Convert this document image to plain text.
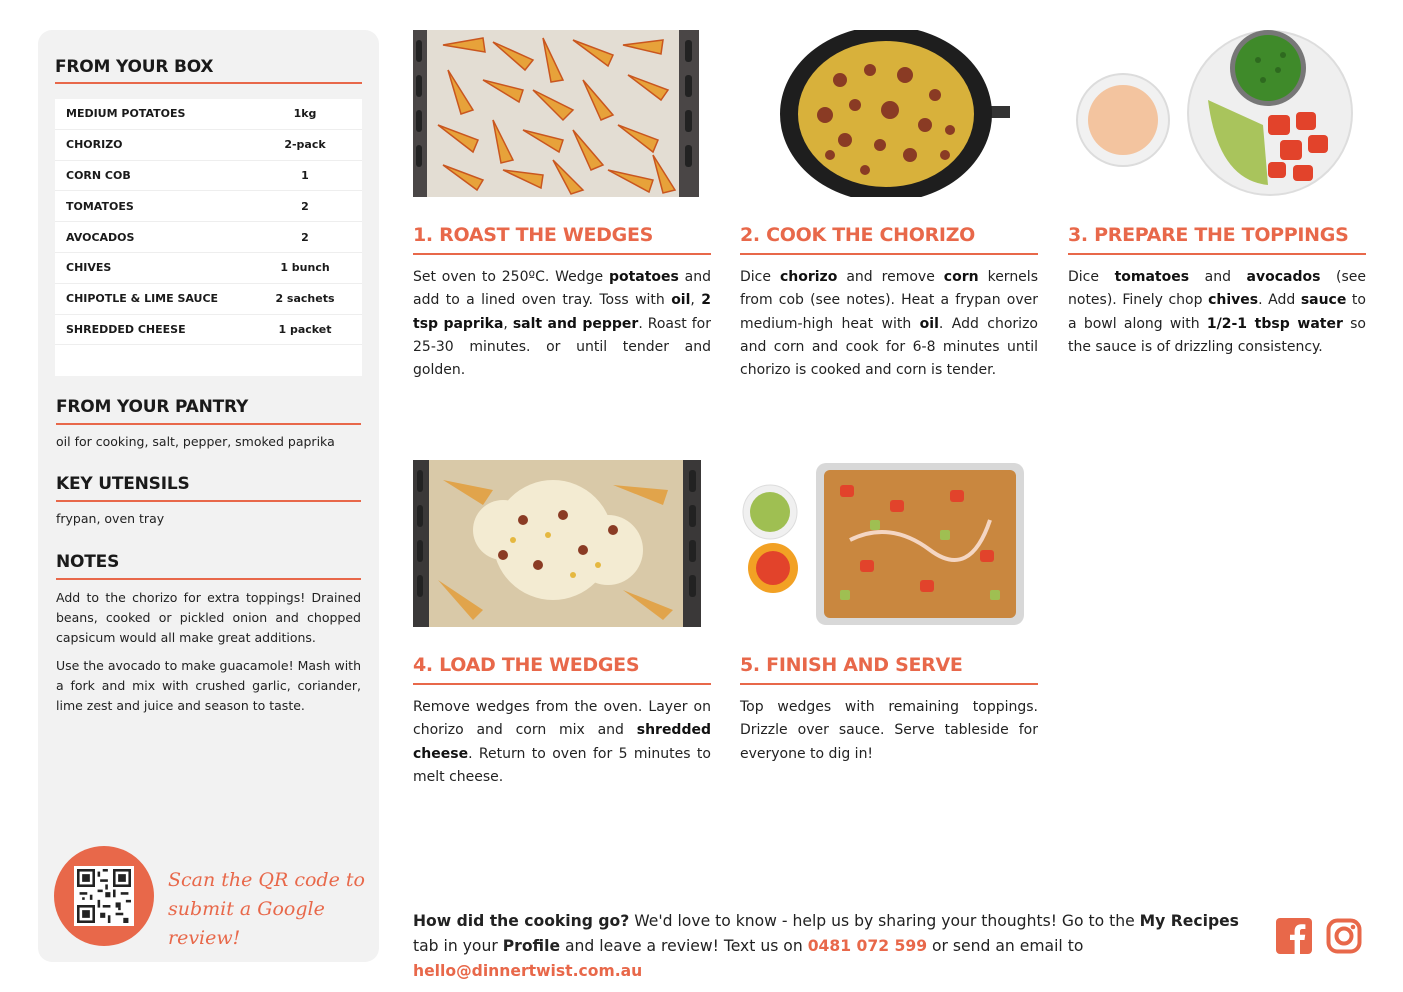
FROM YOUR BOX
MEDIUM POTATOES	1kg
CHORIZO	2-pack
CORN COB	1
TOMATOES	2
AVOCADOS	2
CHIVES	1 bunch
CHIPOTLE & LIME SAUCE	2 sachets
SHREDDED CHEESE	1 packet
FROM YOUR PANTRY
oil for cooking, salt, pepper, smoked paprika
KEY UTENSILS
frypan, oven tray
NOTES

Add to the chorizo for extra toppings! Drained beans, cooked or pickled onion and chopped capsicum would all make great additions.

Use the avocado to make guacamole! Mash with a fork and mix with crushed garlic, coriander, lime zest and juice and season to taste.

Scan the QR code to
submit a Google review!
1. ROAST THE WEDGES

Set oven to 250ºC. Wedge potatoes and add to a lined oven tray. Toss with oil, 2 tsp paprika, salt and pepper. Roast for 25-30 minutes. or until tender and golden.

2. COOK THE CHORIZO

Dice chorizo and remove corn kernels from cob (see notes). Heat a frypan over medium-high heat with oil. Add chorizo and corn and cook for 6-8 minutes until chorizo is cooked and corn is tender.

3. PREPARE THE TOPPINGS

Dice tomatoes and avocados (see notes). Finely chop chives. Add sauce to a bowl along with 1/2-1 tbsp water so the sauce is of drizzling consistency.

4. LOAD THE WEDGES

Remove wedges from the oven. Layer on chorizo and corn mix and shredded cheese. Return to oven for 5 minutes to melt cheese.

5. FINISH AND SERVE

Top wedges with remaining toppings. Drizzle over sauce. Serve tableside for everyone to dig in!

How did the cooking go? We'd love to know - help us by sharing your thoughts! Go to the My Recipes tab in your Profile and leave a review! Text us on 0481 072 599 or send an email to hello@dinnertwist.com.au
